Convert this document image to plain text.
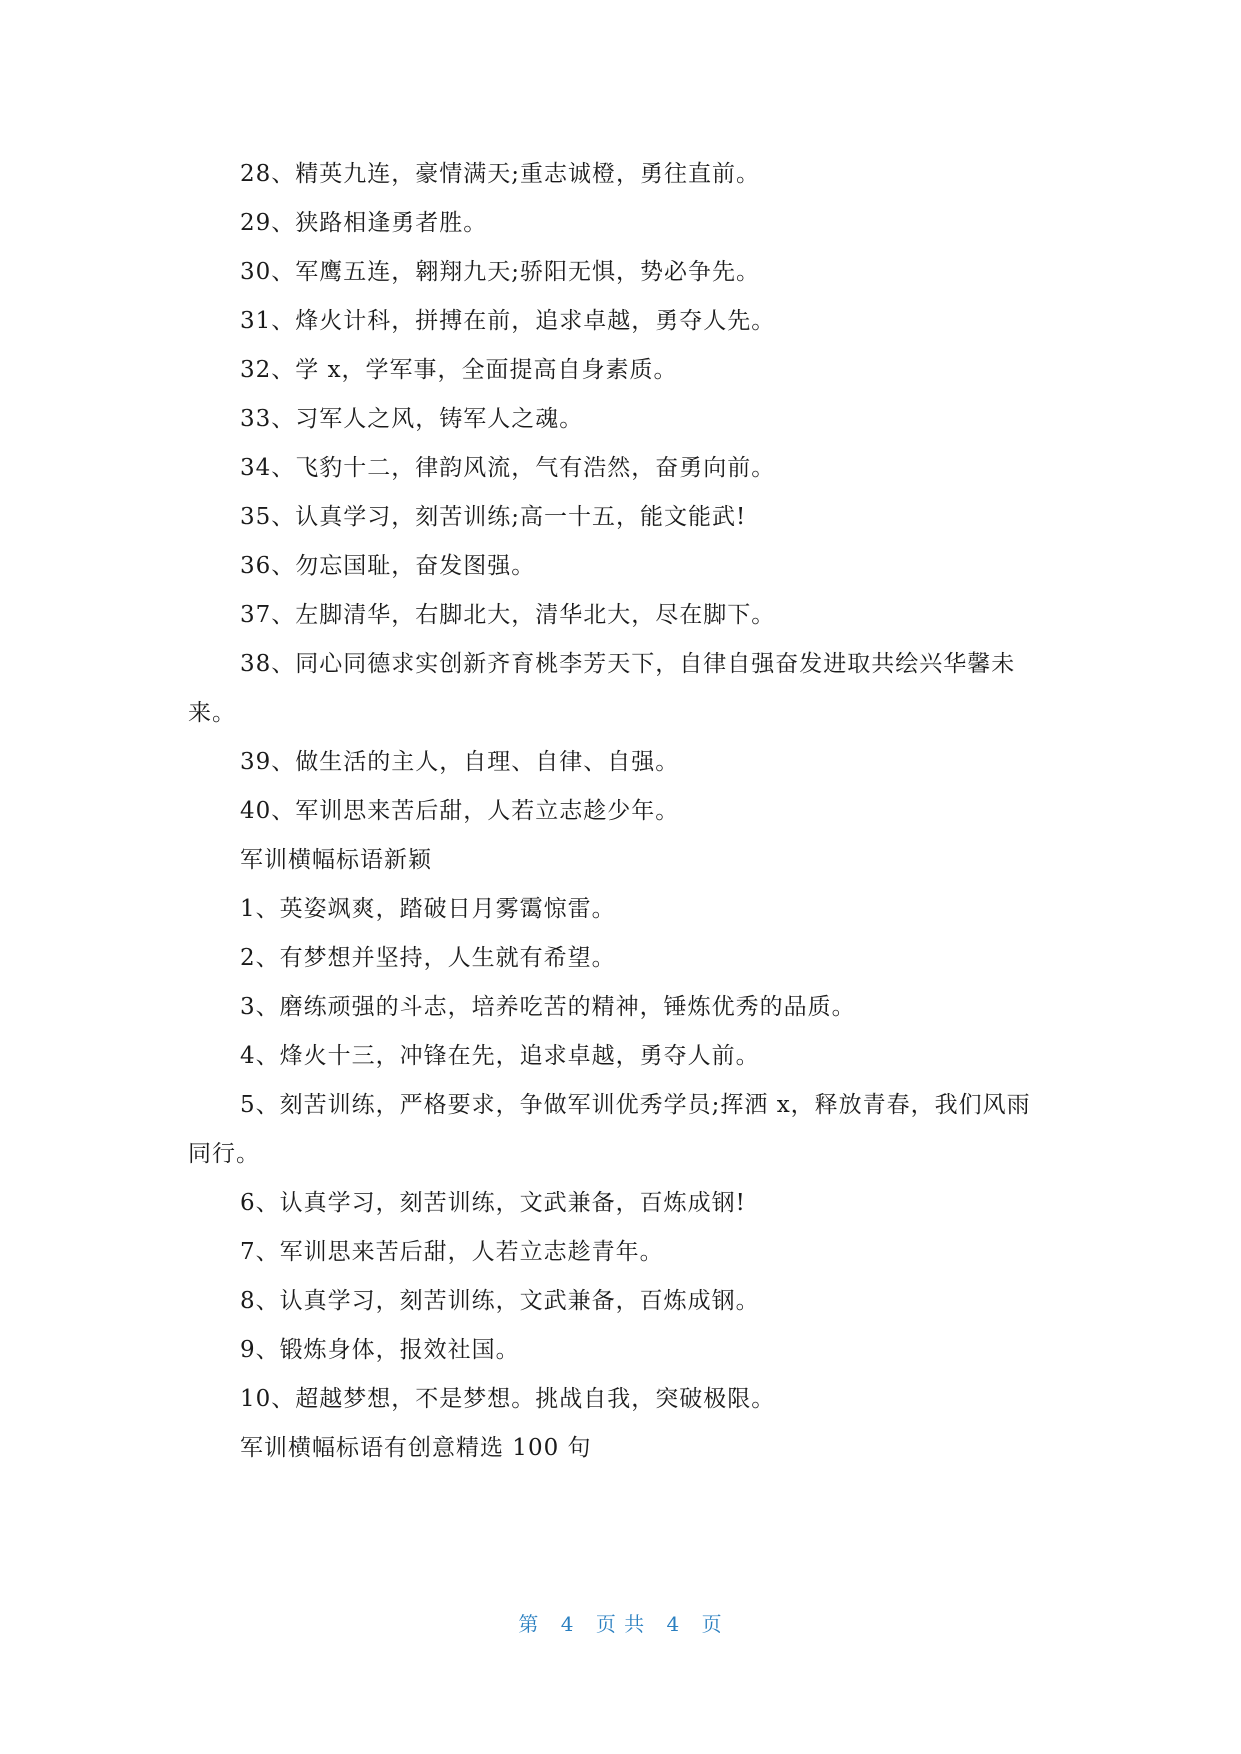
28、精英九连，豪情满天;重志诚橙，勇往直前。

29、狭路相逢勇者胜。

30、军鹰五连，翱翔九天;骄阳无惧，势必争先。

31、烽火计科，拼搏在前，追求卓越，勇夺人先。

32、学 x，学军事，全面提高自身素质。

33、习军人之风，铸军人之魂。

34、飞豹十二，律韵风流，气有浩然，奋勇向前。

35、认真学习，刻苦训练;高一十五，能文能武!

36、勿忘国耻，奋发图强。

37、左脚清华，右脚北大，清华北大，尽在脚下。

38、同心同德求实创新齐育桃李芳天下，自律自强奋发进取共绘兴华馨未来。

39、做生活的主人，自理、自律、自强。

40、军训思来苦后甜，人若立志趁少年。

军训横幅标语新颖

1、英姿飒爽，踏破日月雾霭惊雷。

2、有梦想并坚持，人生就有希望。

3、磨练顽强的斗志，培养吃苦的精神，锤炼优秀的品质。

4、烽火十三，冲锋在先，追求卓越，勇夺人前。

5、刻苦训练，严格要求，争做军训优秀学员;挥洒 x，释放青春，我们风雨同行。

6、认真学习，刻苦训练，文武兼备，百炼成钢!

7、军训思来苦后甜，人若立志趁青年。

8、认真学习，刻苦训练，文武兼备，百炼成钢。

9、锻炼身体，报效社国。

10、超越梦想，不是梦想。挑战自我，突破极限。

军训横幅标语有创意精选 100 句

第 4 页 共 4 页
